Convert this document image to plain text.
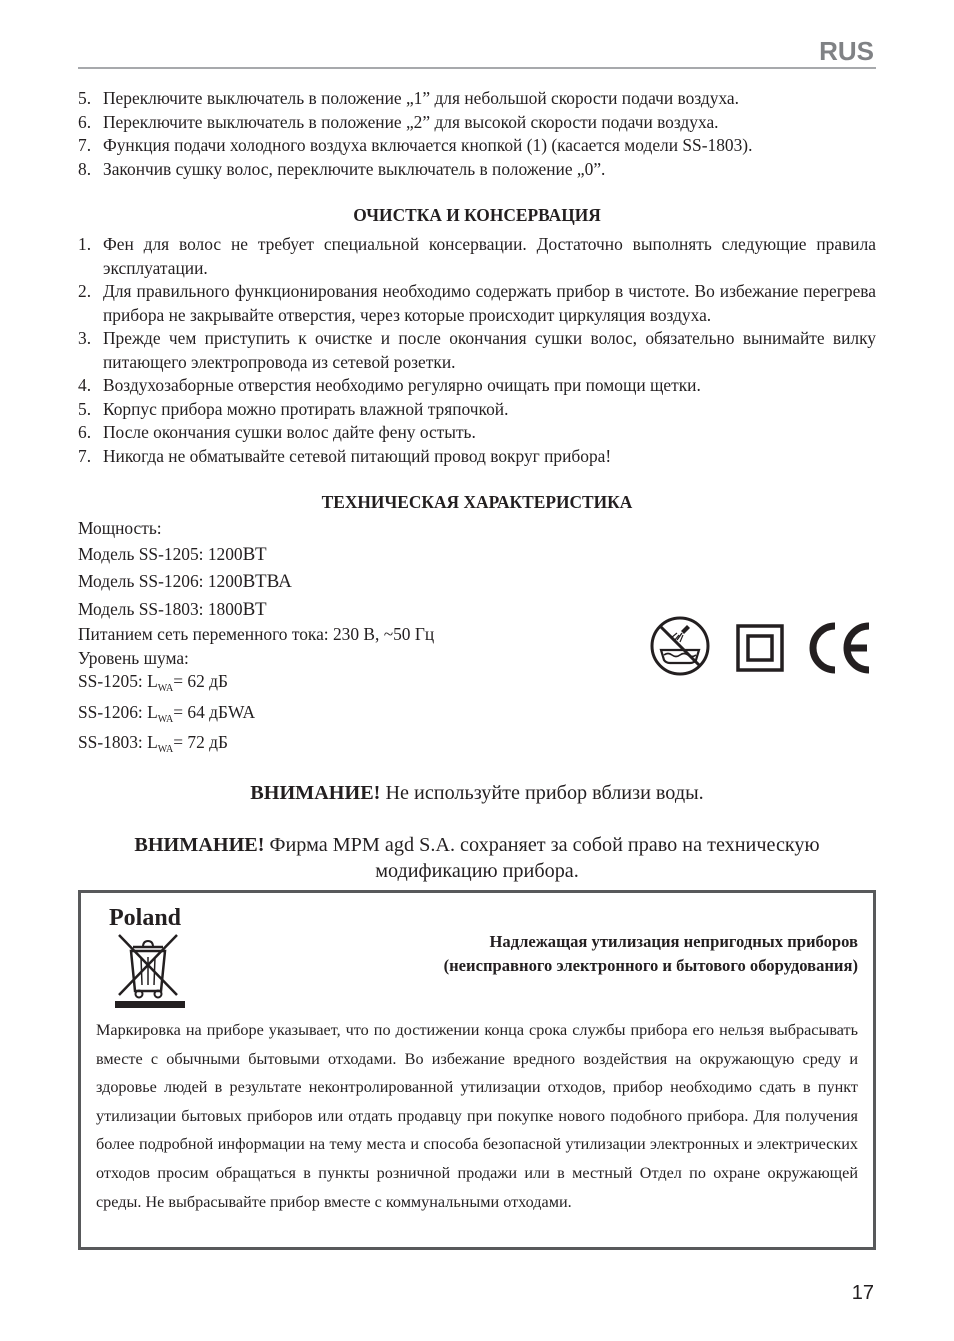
RUS
5. Переключите выключатель в положение „1” для небольшой скорости подачи воздуха.
6. Переключите выключатель в положение „2” для высокой скорости подачи воздуха.
7. Функция подачи холодного воздуха включается кнопкой (1) (касается модели SS-1803).
8. Закончив сушку волос, переключите выключатель в положение „0”.
ОЧИСТКА И КОНСЕРВАЦИЯ
1. Фен для волос не требует специальной консервации. Достаточно выполнять следующие правила эксплуатации.
2. Для правильного функционирования необходимо содержать прибор в чистоте. Во избежание перегрева прибора не закрывайте отверстия, через которые происходит циркуляция воздуха.
3. Прежде чем приступить к очистке и после окончания сушки волос, обязательно вынимайте вилку питающего электропровода из сетевой розетки.
4. Воздухозаборные отверстия необходимо регулярно очищать при помощи щетки.
5. Корпус прибора можно протирать влажной тряпочкой.
6. После окончания сушки волос дайте фену остыть.
7. Никогда не обматывайте сетевой питающий провод вокруг прибора!
ТЕХНИЧЕСКАЯ ХАРАКТЕРИСТИКА
Мощность:
Модель SS-1205: 1200ВТ
Модель SS-1206: 1200ВТВА
Модель SS-1803: 1800ВТ
Питанием сеть переменного тока: 230 В, ~50 Гц
Уровень шума:
SS-1205: $L_{WA}= 62$ дБ
SS-1206: $L_{WA}= 64$ дБWA
SS-1803: $L_{WA}= 72$ дБ
ВНИМАНИЕ! Не используйте прибор вблизи воды.
ВНИМАНИЕ! Фирма MPM agd S.A. сохраняет за собой право на техническую модификацию прибора.
Poland
Надлежащая утилизация непригодных приборов
(неисправного электронного и бытового оборудования)
Маркировка на приборе указывает, что по достижении конца срока службы прибора его нельзя выбрасывать вместе с обычными бытовыми отходами. Во избежание вредного воздействия на окружающую среду и здоровье людей в результате неконтролированной утилизации отходов, прибор необходимо сдать в пункт утилизации бытовых приборов или отдать продавцу при покупке нового подобного прибора. Для получения более подробной информации на тему места и способа безопасной утилизации электронных и электрических отходов просим обращаться в пункты розничной продажи или в местный Отдел по охране окружающей среды. Не выбрасывайте прибор вместе с коммунальными отходами.
17
